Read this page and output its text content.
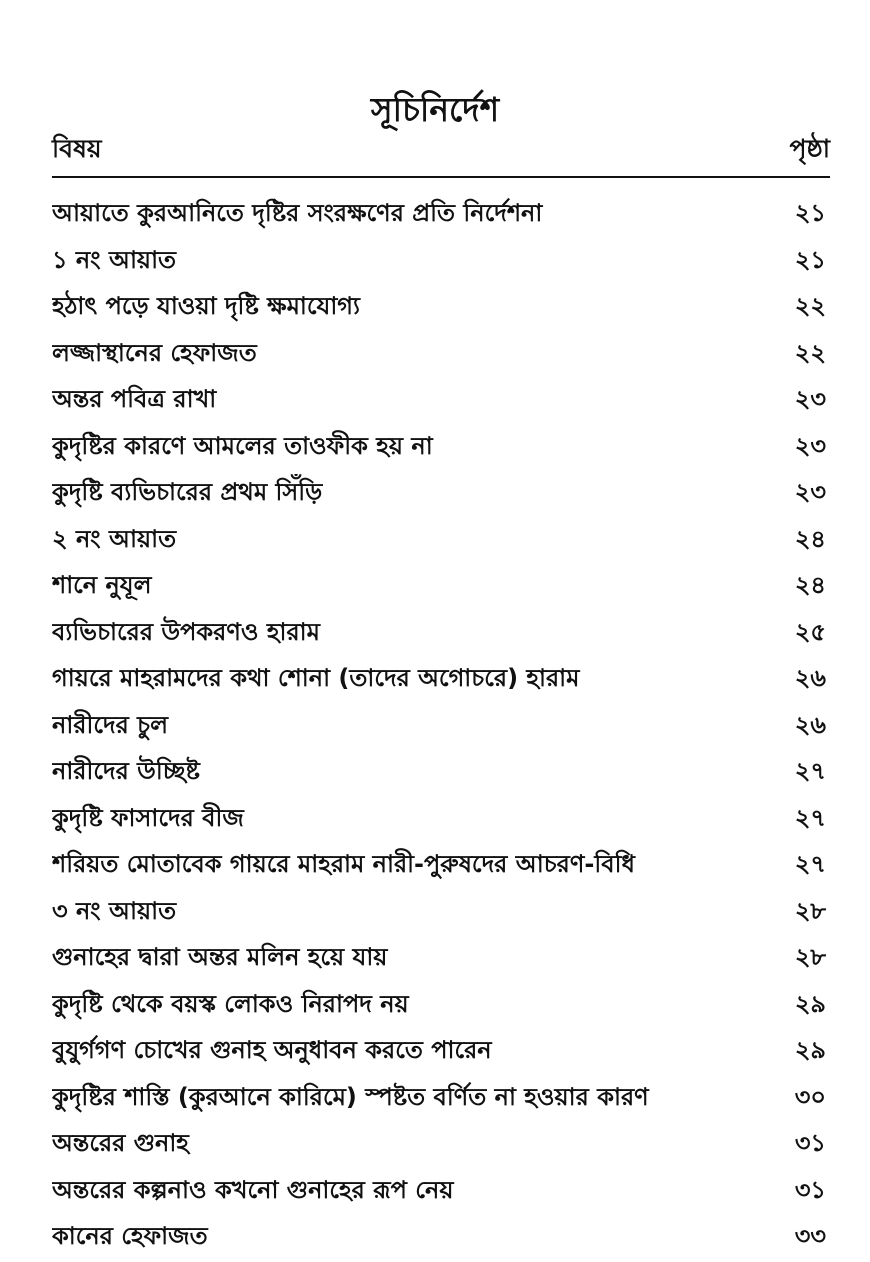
সূচিনির্দেশ
বিষয়	পৃষ্ঠা
আয়াতে কুরআনিতে দৃষ্টির সংরক্ষণের প্রতি নির্দেশনা	২১
১ নং আয়াত	২১
হঠাৎ পড়ে যাওয়া দৃষ্টি ক্ষমাযোগ্য	২২
লজ্জাস্থানের হেফাজত	২২
অন্তর পবিত্র রাখা	২৩
কুদৃষ্টির কারণে আমলের তাওফীক হয় না	২৩
কুদৃষ্টি ব্যভিচারের প্রথম সিঁড়ি	২৩
২ নং আয়াত	২৪
শানে নুযূল	২৪
ব্যভিচারের উপকরণও হারাম	২৫
গায়রে মাহরামদের কথা শোনা (তাদের অগোচরে) হারাম	২৬
নারীদের চুল	২৬
নারীদের উচ্ছিষ্ট	২৭
কুদৃষ্টি ফাসাদের বীজ	২৭
শরিয়ত মোতাবেক গায়রে মাহরাম নারী-পুরুষদের আচরণ-বিধি	২৭
৩ নং আয়াত	২৮
গুনাহের দ্বারা অন্তর মলিন হয়ে যায়	২৮
কুদৃষ্টি থেকে বয়স্ক লোকও নিরাপদ নয়	২৯
বুযুর্গগণ চোখের গুনাহ অনুধাবন করতে পারেন	২৯
কুদৃষ্টির শাস্তি (কুরআনে কারিমে) স্পষ্টত বর্ণিত না হওয়ার কারণ	৩০
অন্তরের গুনাহ	৩১
অন্তরের কল্পনাও কখনো গুনাহের রূপ নেয়	৩১
কানের হেফাজত	৩৩
